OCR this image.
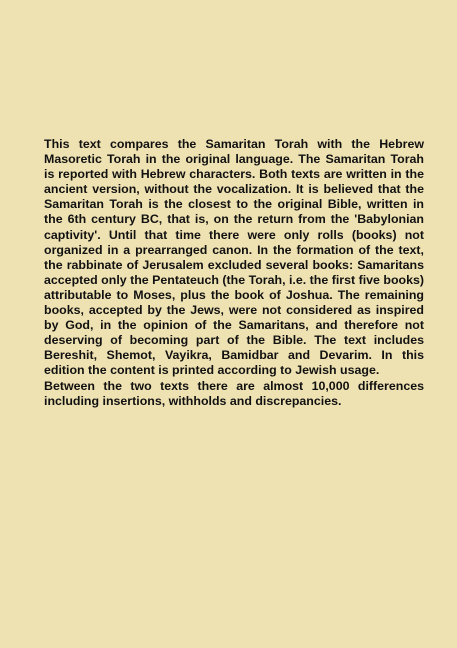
This text compares the Samaritan Torah with the Hebrew Masoretic Torah in the original language. The Samaritan Torah is reported with Hebrew characters. Both texts are written in the ancient version, without the vocalization. It is believed that the Samaritan Torah is the closest to the original Bible, written in the 6th century BC, that is, on the return from the 'Babylonian captivity'. Until that time there were only rolls (books) not organized in a prearranged canon. In the formation of the text, the rabbinate of Jerusalem excluded several books: Samaritans accepted only the Pentateuch (the Torah, i.e. the first five books) attributable to Moses, plus the book of Joshua. The remaining books, accepted by the Jews, were not considered as inspired by God, in the opinion of the Samaritans, and therefore not deserving of becoming part of the Bible. The text includes Bereshit, Shemot, Vayikra, Bamidbar and Devarim. In this edition the content is printed according to Jewish usage.

Between the two texts there are almost 10,000 differences including insertions, withholds and discrepancies.
